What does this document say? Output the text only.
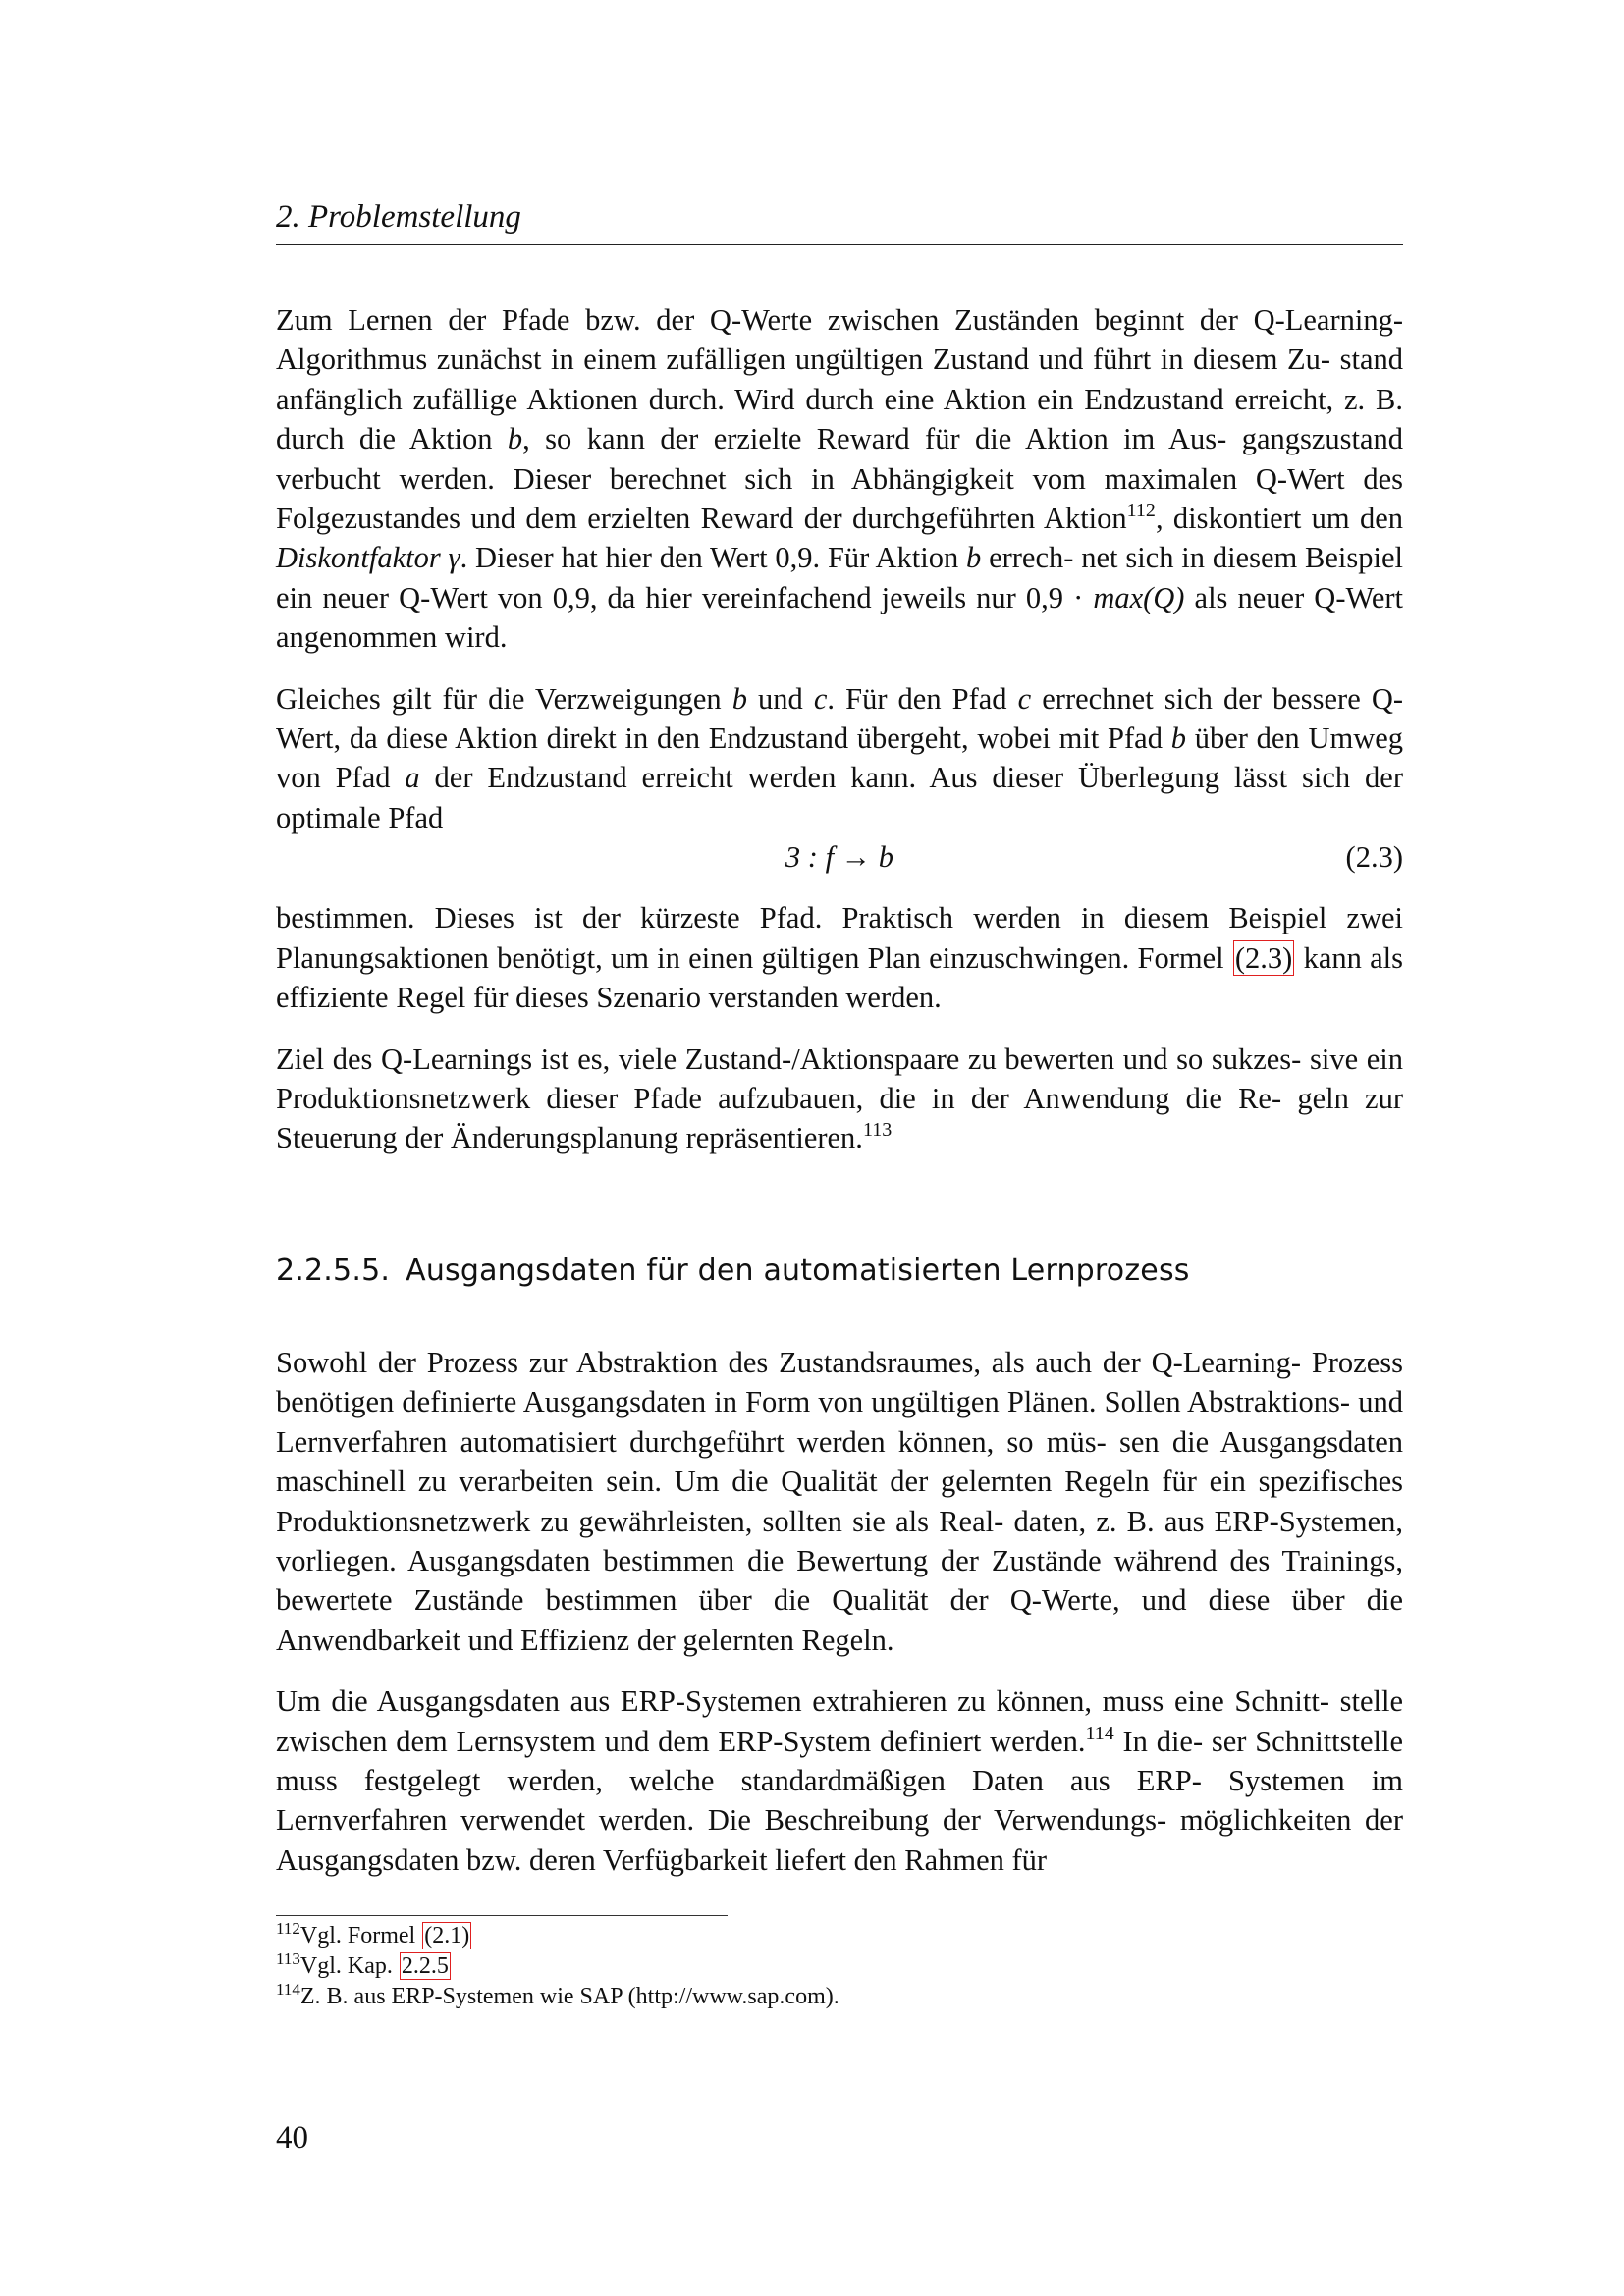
2. Problemstellung

Zum Lernen der Pfade bzw. der Q-Werte zwischen Zuständen beginnt der Q-Learning- Algorithmus zunächst in einem zufälligen ungültigen Zustand und führt in diesem Zu- stand anfänglich zufällige Aktionen durch. Wird durch eine Aktion ein Endzustand erreicht, z. B. durch die Aktion b, so kann der erzielte Reward für die Aktion im Aus- gangszustand verbucht werden. Dieser berechnet sich in Abhängigkeit vom maximalen Q-Wert des Folgezustandes und dem erzielten Reward der durchgeführten Aktion$^{112}$, diskontiert um den Diskontfaktor γ. Dieser hat hier den Wert 0,9. Für Aktion b errech- net sich in diesem Beispiel ein neuer Q-Wert von 0,9, da hier vereinfachend jeweils nur 0,9 · max(Q) als neuer Q-Wert angenommen wird.

Gleiches gilt für die Verzweigungen b und c. Für den Pfad c errechnet sich der bessere Q-Wert, da diese Aktion direkt in den Endzustand übergeht, wobei mit Pfad b über den Umweg von Pfad a der Endzustand erreicht werden kann. Aus dieser Überlegung lässt sich der optimale Pfad

3 : f → b	(2.3)

bestimmen. Dieses ist der kürzeste Pfad. Praktisch werden in diesem Beispiel zwei Planungsaktionen benötigt, um in einen gültigen Plan einzuschwingen. Formel (2.3) kann als effiziente Regel für dieses Szenario verstanden werden.

Ziel des Q-Learnings ist es, viele Zustand-/Aktionspaare zu bewerten und so sukzes- sive ein Produktionsnetzwerk dieser Pfade aufzubauen, die in der Anwendung die Re- geln zur Steuerung der Änderungsplanung repräsentieren.$^{113}$

2.2.5.5. Ausgangsdaten für den automatisierten Lernprozess

Sowohl der Prozess zur Abstraktion des Zustandsraumes, als auch der Q-Learning- Prozess benötigen definierte Ausgangsdaten in Form von ungültigen Plänen. Sollen Abstraktions- und Lernverfahren automatisiert durchgeführt werden können, so müs- sen die Ausgangsdaten maschinell zu verarbeiten sein. Um die Qualität der gelernten Regeln für ein spezifisches Produktionsnetzwerk zu gewährleisten, sollten sie als Real- daten, z. B. aus ERP-Systemen, vorliegen. Ausgangsdaten bestimmen die Bewertung der Zustände während des Trainings, bewertete Zustände bestimmen über die Qualität der Q-Werte, und diese über die Anwendbarkeit und Effizienz der gelernten Regeln.

Um die Ausgangsdaten aus ERP-Systemen extrahieren zu können, muss eine Schnitt- stelle zwischen dem Lernsystem und dem ERP-System definiert werden.$^{114}$ In die- ser Schnittstelle muss festgelegt werden, welche standardmäßigen Daten aus ERP- Systemen im Lernverfahren verwendet werden. Die Beschreibung der Verwendungs- möglichkeiten der Ausgangsdaten bzw. deren Verfügbarkeit liefert den Rahmen für

$^{112}$Vgl. Formel (2.1)

$^{113}$Vgl. Kap. 2.2.5

$^{114}$Z. B. aus ERP-Systemen wie SAP (http://www.sap.com).

40
